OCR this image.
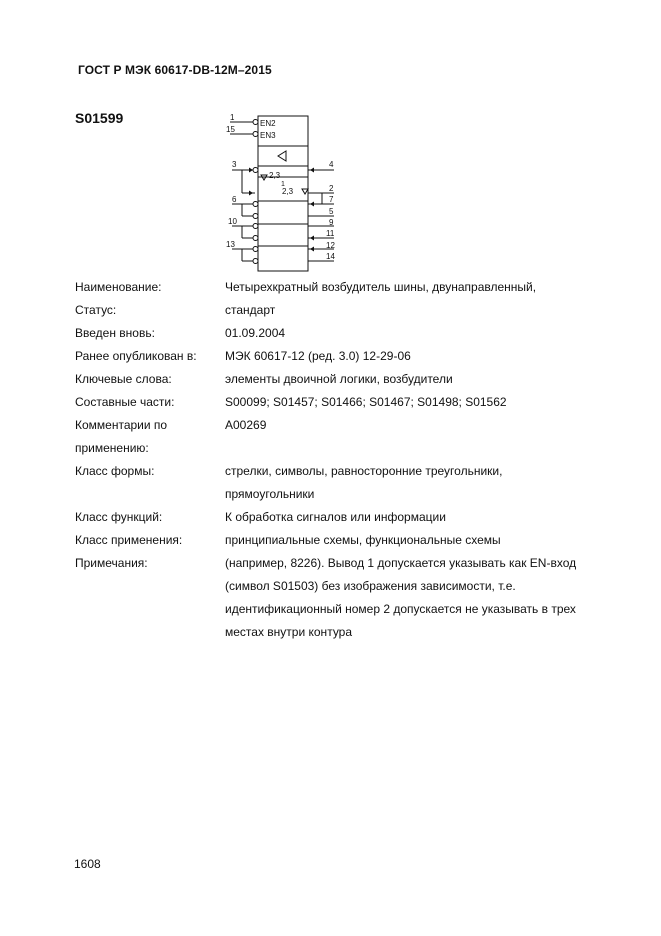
ГОСТ Р МЭК 60617-DB-12M–2015
S01599	EN2
EN3
1
15
2,3
1
2,3
3	4
2
6	7
5
10	9
11
13	12
14
Наименование:	Четырехкратный возбудитель шины, двунаправленный,
Статус:	стандарт
Введен вновь:	01.09.2004
Ранее опубликован в:	МЭК 60617-12 (ред. 3.0) 12-29-06
Ключевые слова:	элементы двоичной логики, возбудители
Составные части:	S00099; S01457; S01466; S01467; S01498; S01562
Комментарии по
применению:
A00269
Класс формы:	стрелки, символы, равносторонние треугольники,
прямоугольники
Класс функций:	К обработка сигналов или информации
Класс применения:	принципиальные схемы, функциональные схемы
Примечания:	(например, 8226). Вывод 1 допускается указывать как EN-вход
(символ S01503) без изображения зависимости, т.е.
идентификационный номер 2 допускается не указывать в трех
местах внутри контура
1608
